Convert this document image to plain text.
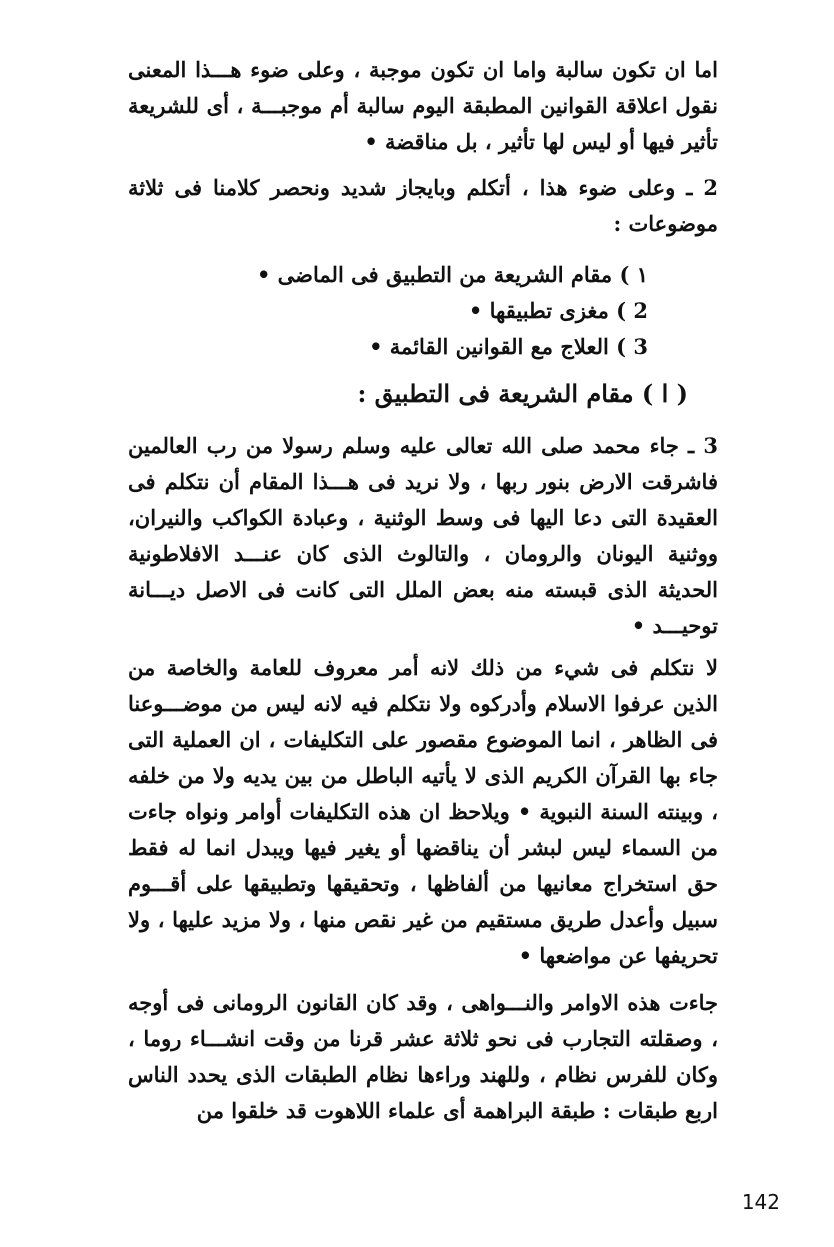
اما ان تكون سالبة واما ان تكون موجبة ، وعلى ضوء هـــذا المعنى نقول اعلاقة القوانين المطبقة اليوم سالبة أم موجبـــة ، أى للشريعة تأثير فيها أو ليس لها تأثير ، بل مناقضة •

2 ـ وعلى ضوء هذا ، أتكلم وبايجاز شديد ونحصر كلامنا فى ثلاثة موضوعات :

١ ) مقام الشريعة من التطبيق فى الماضى •

2 ) مغزى تطبيقها •

3 ) العلاج مع القوانين القائمة •

( ا ) مقام الشريعة فى التطبيق :

3 ـ جاء محمد صلى الله تعالى عليه وسلم رسولا من رب العالمين فاشرقت الارض بنور ربها ، ولا نريد فى هـــذا المقام أن نتكلم فى العقيدة التى دعا اليها فى وسط الوثنية ، وعبادة الكواكب والنيران، ووثنية اليونان والرومان ، والتالوث الذى كان عنـــد الافلاطونية الحديثة الذى قبسته منه بعض الملل التى كانت فى الاصل ديـــانة توحيـــد •

لا نتكلم فى شيء من ذلك لانه أمر معروف للعامة والخاصة من الذين عرفوا الاسلام وأدركوه ولا نتكلم فيه لانه ليس من موضـــوعنا فى الظاهر ، انما الموضوع مقصور على التكليفات ، ان العملية التى جاء بها القرآن الكريم الذى لا يأتيه الباطل من بين يديه ولا من خلفه ، وبينته السنة النبوية • ويلاحظ ان هذه التكليفات أوامر ونواه جاءت من السماء ليس لبشر أن يناقضها أو يغير فيها ويبدل انما له فقط حق استخراج معانيها من ألفاظها ، وتحقيقها وتطبيقها على أقـــوم سبيل وأعدل طريق مستقيم من غير نقص منها ، ولا مزيد عليها ، ولا تحريفها عن مواضعها •

جاءت هذه الاوامر والنـــواهى ، وقد كان القانون الرومانى فى أوجه ، وصقلته التجارب فى نحو ثلاثة عشر قرنا من وقت انشـــاء روما ، وكان للفرس نظام ، وللهند وراءها نظام الطبقات الذى يحدد الناس اربع طبقات : طبقة البراهمة أى علماء اللاهوت قد خلقوا من

142
